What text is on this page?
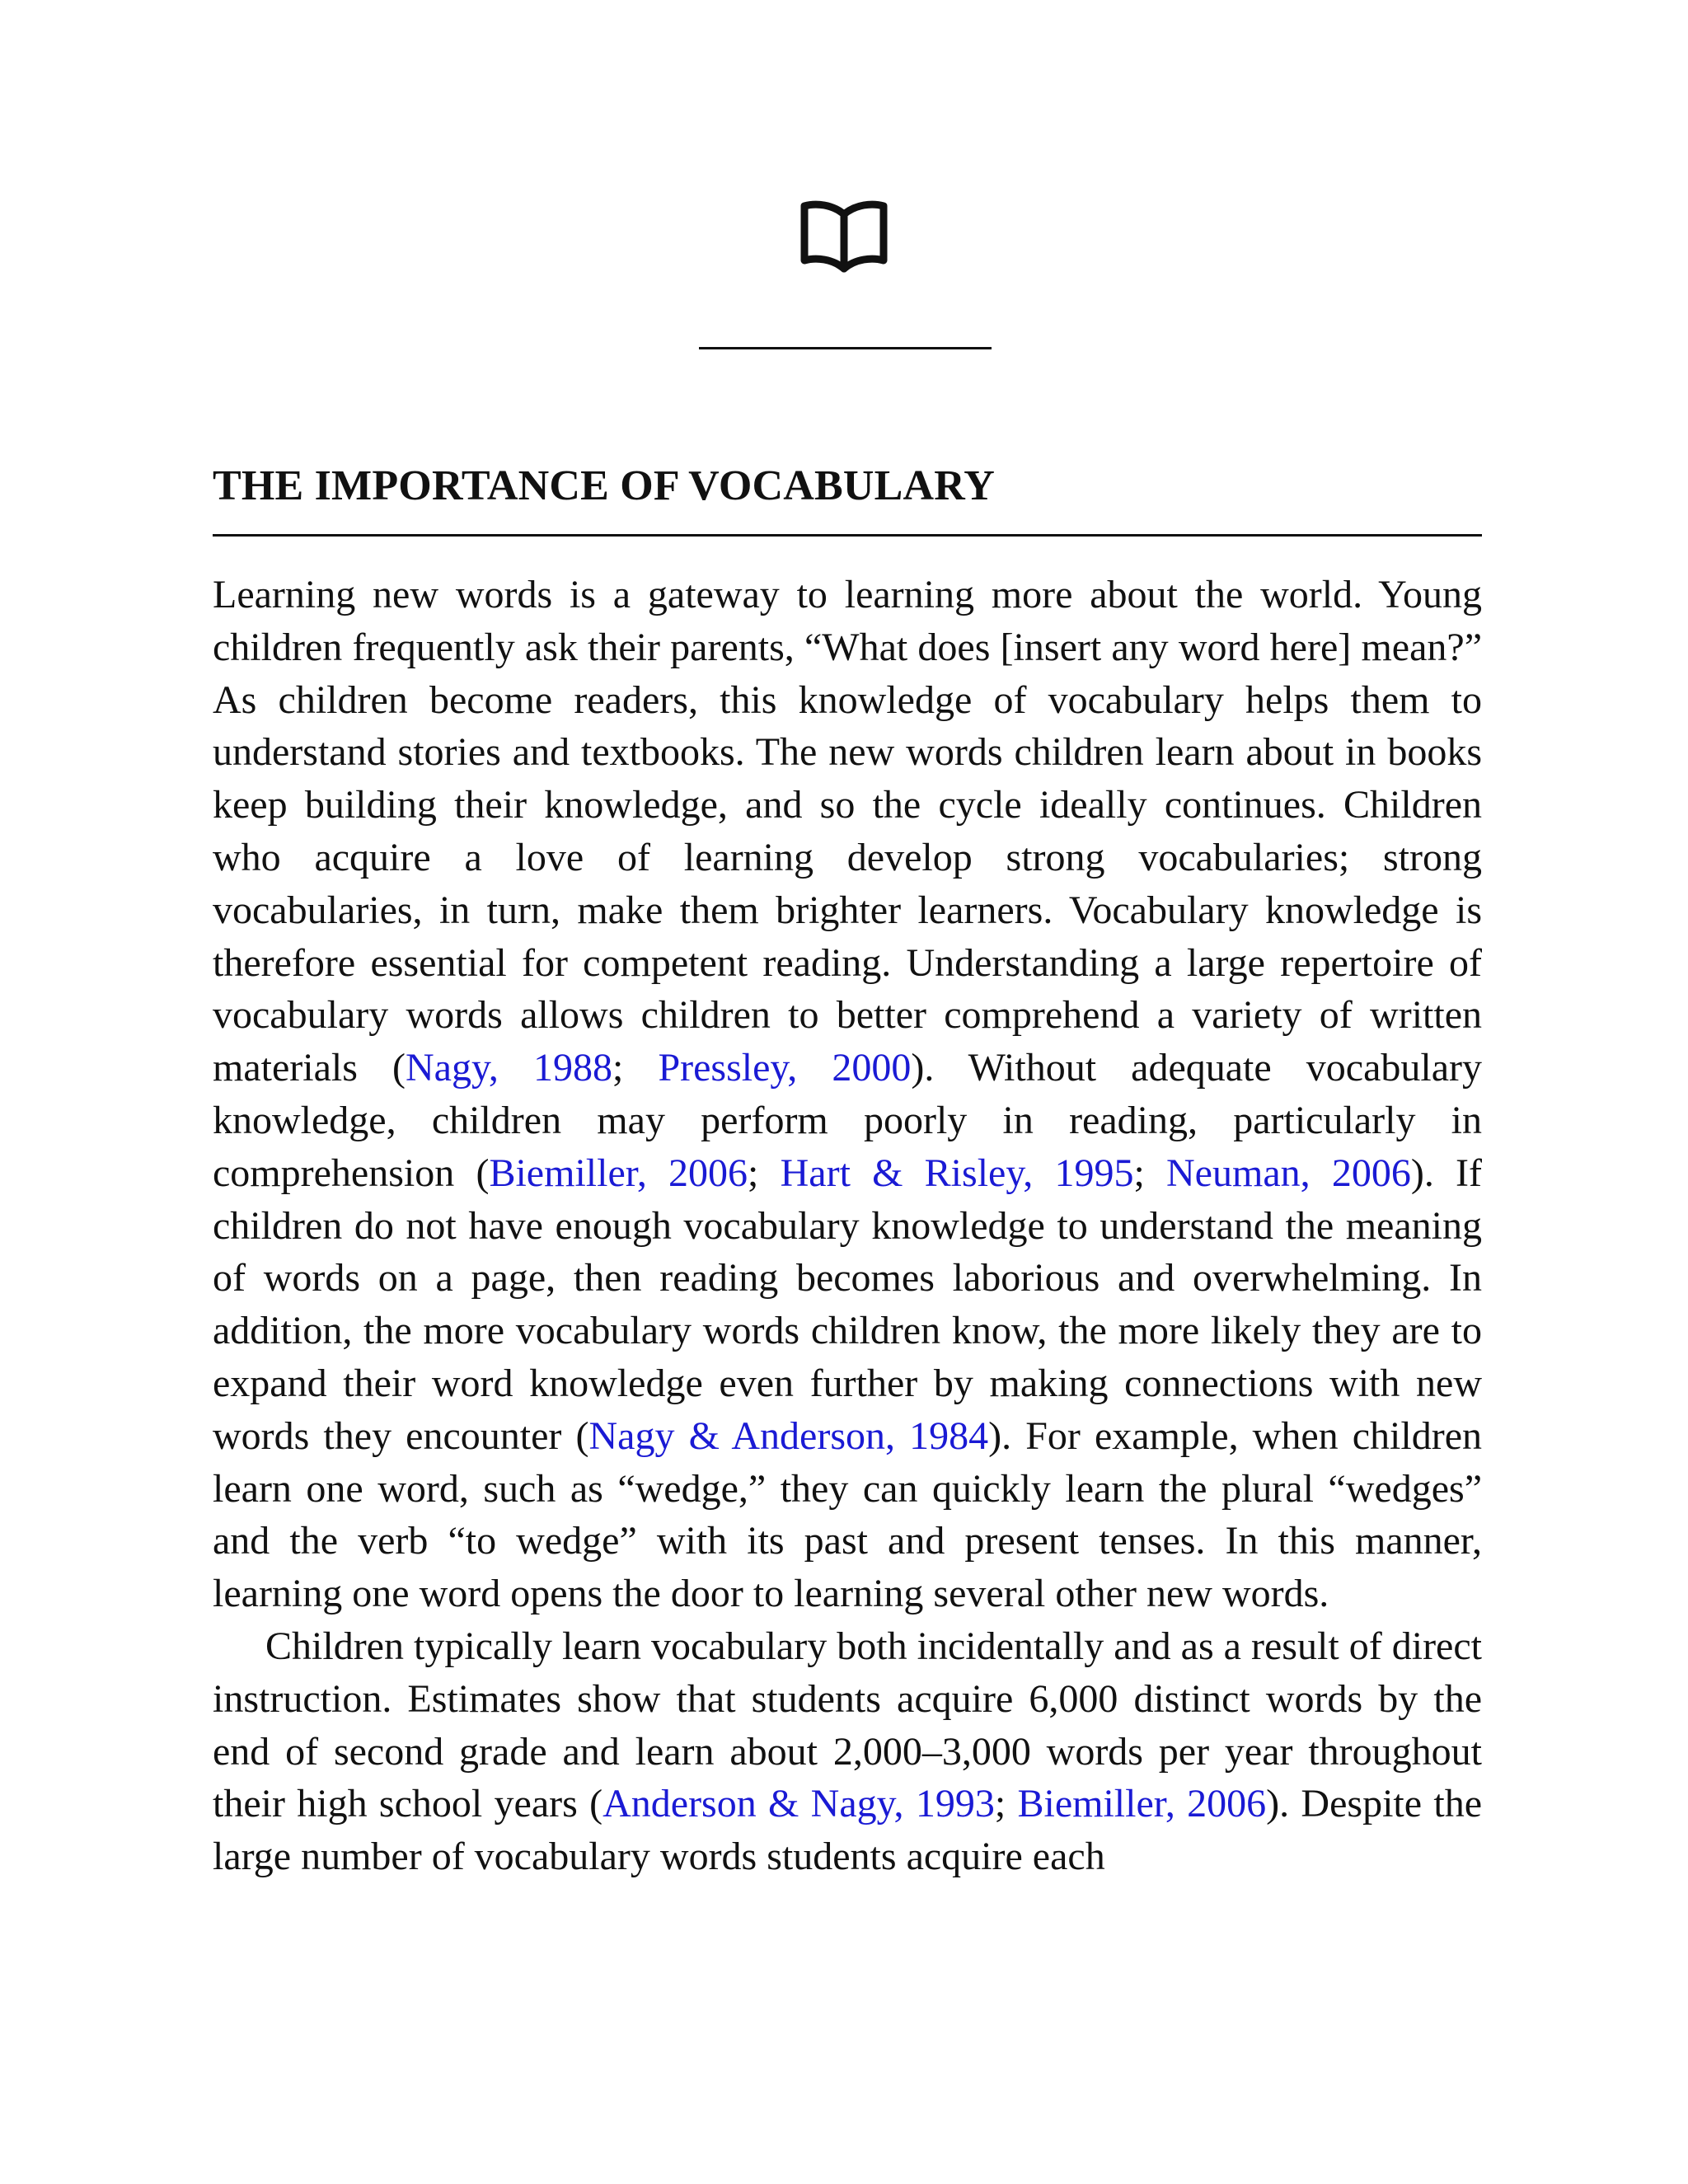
THE IMPORTANCE OF VOCABULARY

Learning new words is a gateway to learning more about the world. Young children frequently ask their parents, “What does [insert any word here] mean?” As children become readers, this knowledge of vocabulary helps them to understand stories and textbooks. The new words children learn about in books keep building their knowledge, and so the cycle ideally continues. Children who acquire a love of learning develop strong vocabularies; strong vocabularies, in turn, make them brighter learners. Vocabulary knowledge is therefore essential for competent reading. Understanding a large repertoire of vocabulary words allows children to better comprehend a variety of written materials (Nagy, 1988; Pressley, 2000). Without adequate vocabulary knowledge, children may perform poorly in reading, particularly in comprehension (Biemiller, 2006; Hart & Risley, 1995; Neuman, 2006). If children do not have enough vocabulary knowledge to understand the meaning of words on a page, then reading becomes laborious and overwhelming. In addition, the more vocabulary words children know, the more likely they are to expand their word knowledge even further by making connections with new words they encounter (Nagy & Anderson, 1984). For example, when children learn one word, such as “wedge,” they can quickly learn the plural “wedges” and the verb “to wedge” with its past and present tenses. In this manner, learning one word opens the door to learning several other new words.

Children typically learn vocabulary both incidentally and as a result of direct instruction. Estimates show that students acquire 6,000 distinct words by the end of second grade and learn about 2,000–3,000 words per year throughout their high school years (Anderson & Nagy, 1993; Biemiller, 2006). Despite the large number of vocabulary words students acquire each
